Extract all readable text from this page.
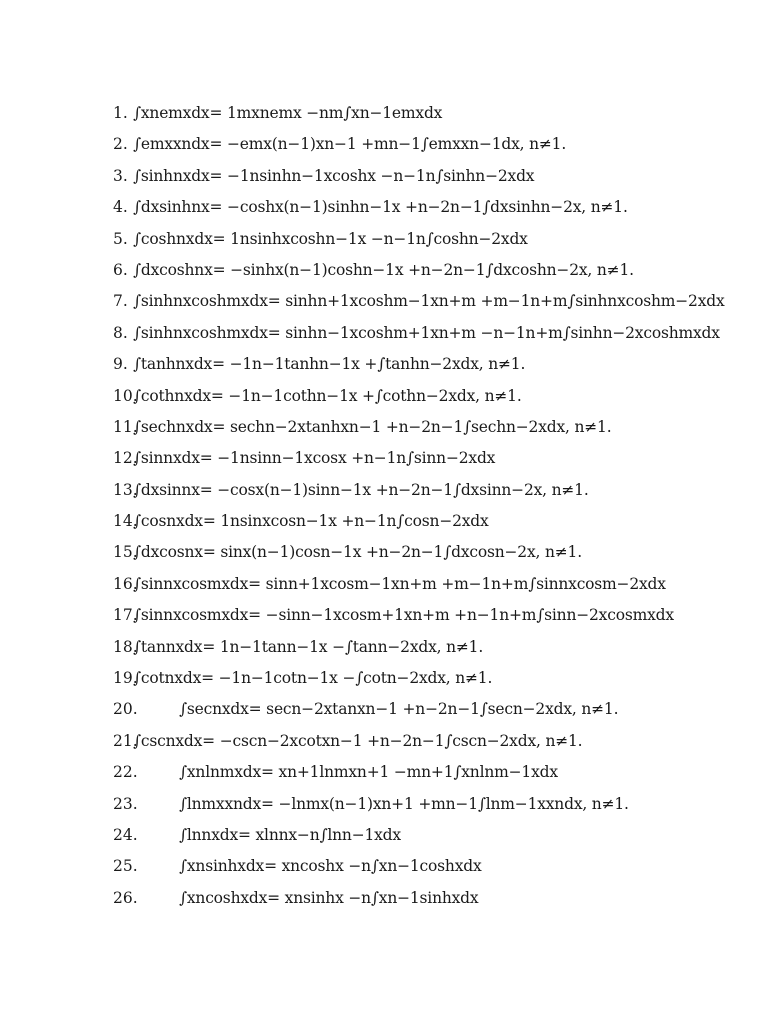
1. ∫xnemxdx= 1mxnemx −nm∫xn−1emxdx
2. ∫emxxndx= −emx(n−1)xn−1 +mn−1∫emxxn−1dx, n≠1.
3. ∫sinhnxdx= −1nsinhn−1xcoshx −n−1n∫sinhn−2xdx
4. ∫dxsinhnx= −coshx(n−1)sinhn−1x +n−2n−1∫dxsinhn−2x, n≠1.
5. ∫coshnxdx= 1nsinhxcoshn−1x −n−1n∫coshn−2xdx
6. ∫dxcoshnx= −sinhx(n−1)coshn−1x +n−2n−1∫dxcoshn−2x, n≠1.
7. ∫sinhnxcoshmxdx= sinhn+1xcoshm−1xn+m +m−1n+m∫sinhnxcoshm−2xdx
8. ∫sinhnxcoshmxdx= sinhn−1xcoshm+1xn+m −n−1n+m∫sinhn−2xcoshmxdx
9. ∫tanhnxdx= −1n−1tanhn−1x +∫tanhn−2xdx, n≠1.
10.
∫cothnxdx= −1n−1cothn−1x +∫cothn−2xdx, n≠1.
11.
∫sechnxdx= sechn−2xtanhxn−1 +n−2n−1∫sechn−2xdx, n≠1.
12.
∫sinnxdx= −1nsinn−1xcosx +n−1n∫sinn−2xdx
13.
∫dxsinnx= −cosx(n−1)sinn−1x +n−2n−1∫dxsinn−2x, n≠1.
14.
∫cosnxdx= 1nsinxcosn−1x +n−1n∫cosn−2xdx
15.
∫dxcosnx= sinx(n−1)cosn−1x +n−2n−1∫dxcosn−2x, n≠1.
16.
∫sinnxcosmxdx= sinn+1xcosm−1xn+m +m−1n+m∫sinnxcosm−2xdx
17.
∫sinnxcosmxdx= −sinn−1xcosm+1xn+m +n−1n+m∫sinn−2xcosmxdx
18.
∫tannxdx= 1n−1tann−1x −∫tann−2xdx, n≠1.
19.
∫cotnxdx= −1n−1cotn−1x −∫cotn−2xdx, n≠1.
20.	∫secnxdx= secn−2xtanxn−1 +n−2n−1∫secn−2xdx, n≠1.
21.
∫cscnxdx= −cscn−2xcotxn−1 +n−2n−1∫cscn−2xdx, n≠1.
22.	∫xnlnmxdx= xn+1lnmxn+1 −mn+1∫xnlnm−1xdx
23.	∫lnmxxndx= −lnmx(n−1)xn+1 +mn−1∫lnm−1xxndx, n≠1.
24.	∫lnnxdx= xlnnx−n∫lnn−1xdx
25.	∫xnsinhxdx= xncoshx −n∫xn−1coshxdx
26.	∫xncoshxdx= xnsinhx −n∫xn−1sinhxdx
